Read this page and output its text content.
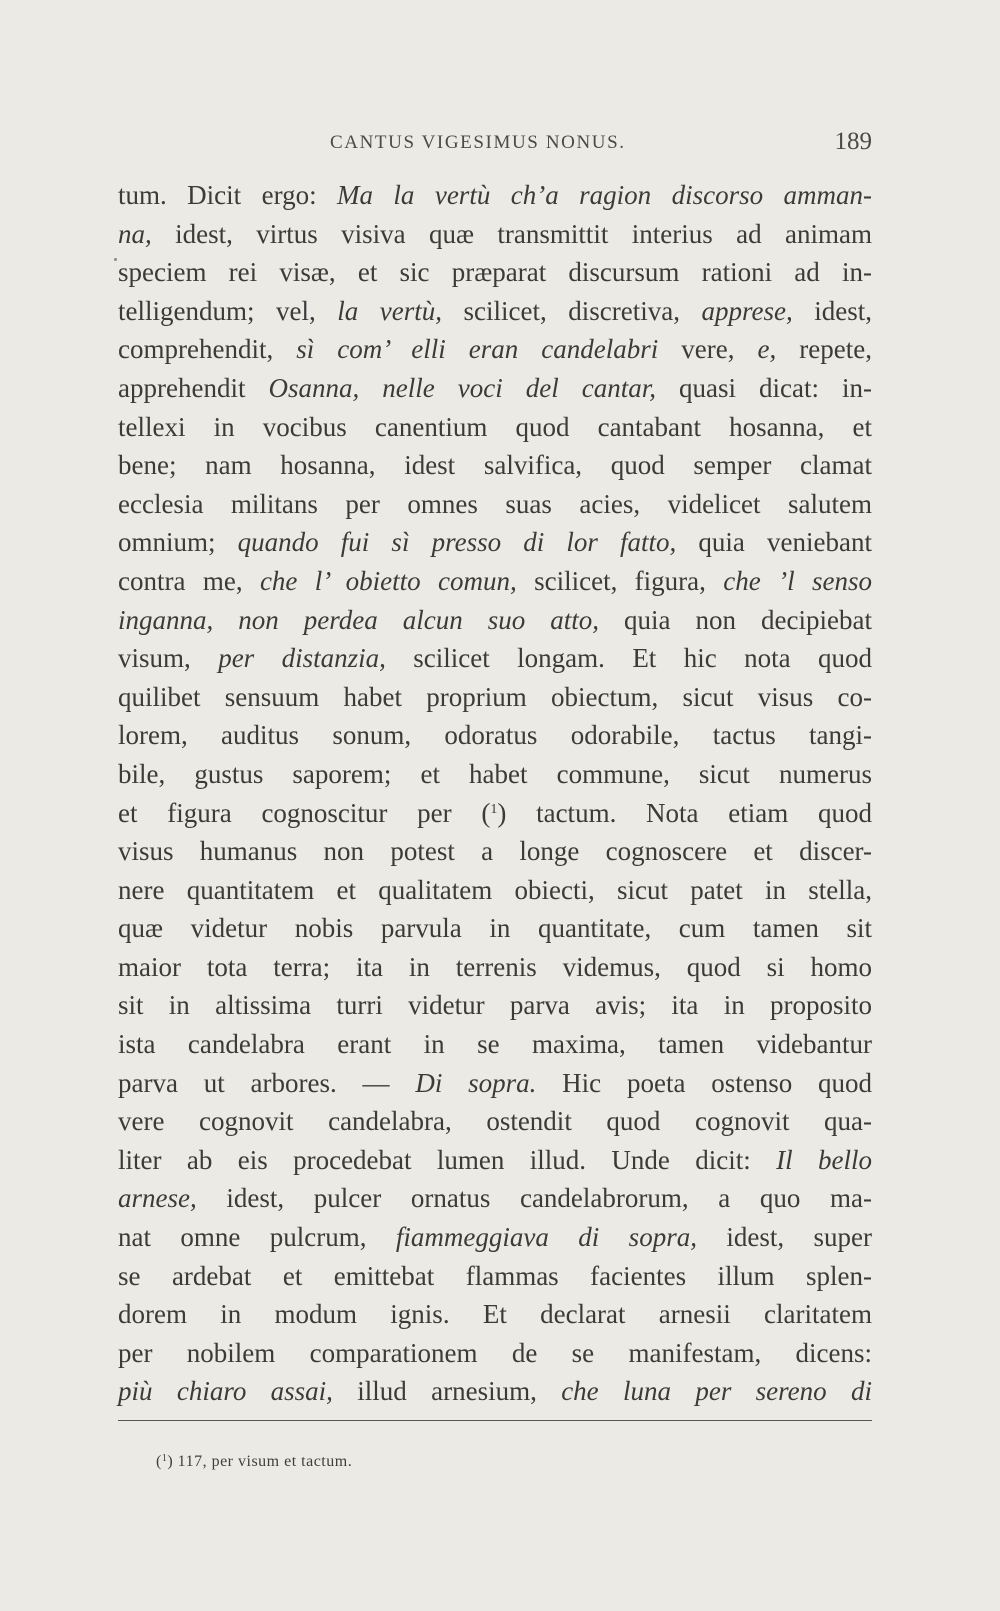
CANTUS VIGESIMUS NONUS.	189
tum. Dicit ergo: Ma la vertù ch’a ragion discorso amman-
na, idest, virtus visiva quæ transmittit interius ad animam
speciem rei visæ, et sic præparat discursum rationi ad in-
telligendum; vel, la vertù, scilicet, discretiva, apprese, idest,
comprehendit, sì com’ elli eran candelabri vere, e, repete,
apprehendit Osanna, nelle voci del cantar, quasi dicat: in-
tellexi in vocibus canentium quod cantabant hosanna, et
bene; nam hosanna, idest salvifica, quod semper clamat
ecclesia militans per omnes suas acies, videlicet salutem
omnium; quando fui sì presso di lor fatto, quia veniebant
contra me, che l’ obietto comun, scilicet, figura, che ’l senso
inganna, non perdea alcun suo atto, quia non decipiebat
visum, per distanzia, scilicet longam. Et hic nota quod
quilibet sensuum habet proprium obiectum, sicut visus co-
lorem, auditus sonum, odoratus odorabile, tactus tangi-
bile, gustus saporem; et habet commune, sicut numerus
et figura cognoscitur per ($^1$) tactum. Nota etiam quod
visus humanus non potest a longe cognoscere et discer-
nere quantitatem et qualitatem obiecti, sicut patet in stella,
quæ videtur nobis parvula in quantitate, cum tamen sit
maior tota terra; ita in terrenis videmus, quod si homo
sit in altissima turri videtur parva avis; ita in proposito
ista candelabra erant in se maxima, tamen videbantur
parva ut arbores. — Di sopra. Hic poeta ostenso quod
vere cognovit candelabra, ostendit quod cognovit qua-
liter ab eis procedebat lumen illud. Unde dicit: Il bello
arnese, idest, pulcer ornatus candelabrorum, a quo ma-
nat omne pulcrum, fiammeggiava di sopra, idest, super
se ardebat et emittebat flammas facientes illum splen-
dorem in modum ignis. Et declarat arnesii claritatem
per nobilem comparationem de se manifestam, dicens:
più chiaro assai, illud arnesium, che luna per sereno di
($^1$) 117, per visum et tactum.
